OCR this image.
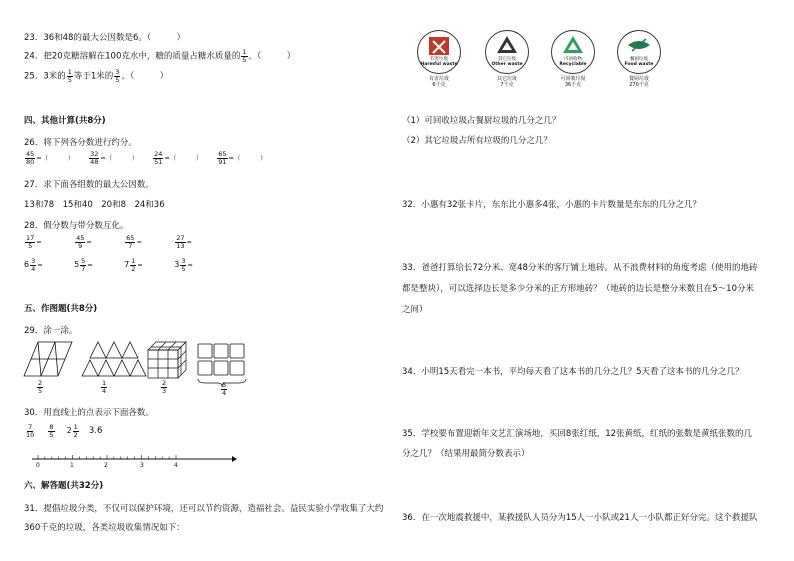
23．36和48的最大公因数是6。（　　　）
24．把20克糖溶解在100克水中，糖的质量占糖水质量的 $\frac{1}{5}$ 。（　　　）
25．3米的 $\frac{1}{5}$ 等于1米的 $\frac{3}{5}$ 。（　　　）
四、其他计算(共8分)
26．将下列各分数进行约分。
$\frac{45}{80}$ =（　　　） $\frac{32}{48}$ =（　　　） $\frac{24}{51}$ =（　　　） $\frac{65}{91}$ =（　　　）
27．求下面各组数的最大公因数。
13和78　15和40　20和8　24和36
28．假分数与带分数互化。
$\frac{17}{5}$ =	$\frac{45}{9}$ =	$\frac{65}{7}$ =	$\frac{27}{13}$ =
$6 \frac{3}{4}$ =	$5 \frac{5}{7}$ =	$7 \frac{1}{2}$ =	$3 \frac{3}{5}$ =
五、作图题(共8分)
29．涂一涂。
$\frac{2}{5}$	$\frac{1}{4}$	$\frac{2}{3}$	$\frac{5}{4}$
30．用直线上的点表示下面各数。
$\frac{7}{10}$
$\frac{8}{5} 2 \frac{1}{2} 3.6$
0	1	2	3	4
六、解答题(共32分)
31．提倡垃圾分类，不仅可以保护环境，还可以节约资源，造福社会。益民实验小学收集了大约
360千克的垃圾，各类垃圾收集情况如下：
有害垃圾
Harmful waste
有害垃圾
6千克
其它垃圾
Other waste
其它垃圾
7千克
可回收物
Recyclable
可回收垃圾
36千克
餐厨垃圾
Food waste
餐厨垃圾
270千克
（1）可回收垃圾占餐厨垃圾的几分之几？
（2）其它垃圾占所有垃圾的几分之几？
32．小惠有32张卡片，东东比小惠多4张，小惠的卡片数量是东东的几分之几？
33．爸爸打算给长72分米、宽48分米的客厅铺上地砖。从不浪费材料的角度考虑（使用的地砖
都是整块），可以选择边长是多少分米的正方形地砖？（地砖的边长是整分米数且在5～10分米
之间）
34．小明15天看完一本书，平均每天看了这本书的几分之几？5天看了这本书的几分之几？
35．学校要布置迎新年文艺汇演场地，买回8张红纸，12张黄纸，红纸的张数是黄纸张数的几
分之几？（结果用最简分数表示）
36．在一次地震救援中，某救援队人员分为15人一小队或21人一小队都正好分完。这个救援队
